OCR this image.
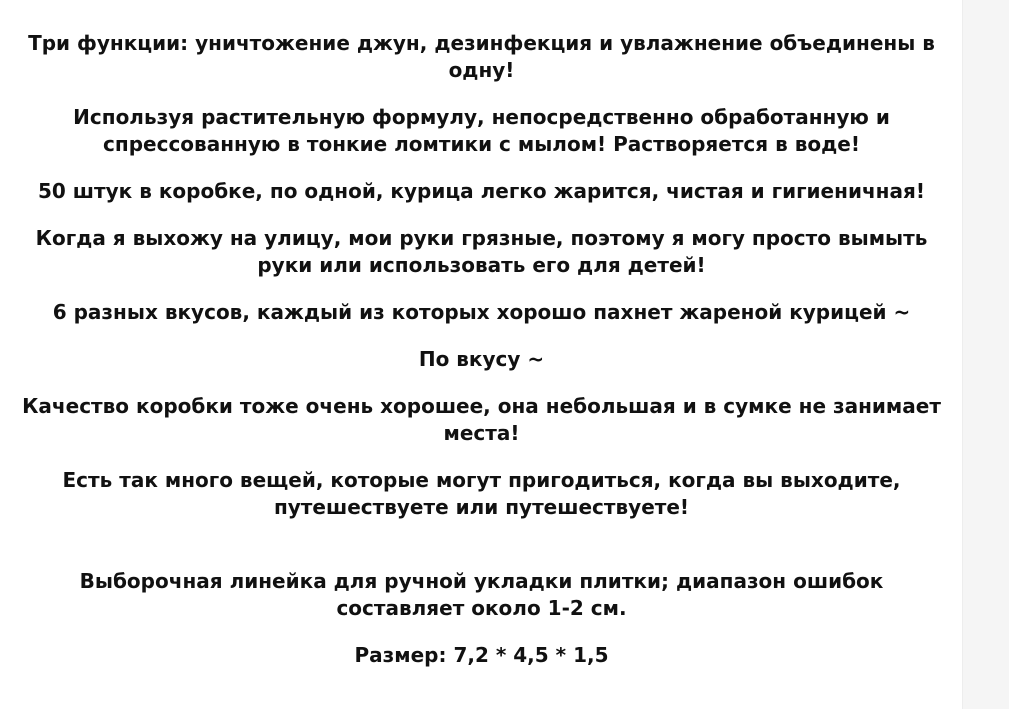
Три функции: уничтожение джун, дезинфекция и увлажнение объединены в одну!

Используя растительную формулу, непосредственно обработанную и спрессованную в тонкие ломтики с мылом! Растворяется в воде!

50 штук в коробке, по одной, курица легко жарится, чистая и гигиеничная!

Когда я выхожу на улицу, мои руки грязные, поэтому я могу просто вымыть руки или использовать его для детей!

6 разных вкусов, каждый из которых хорошо пахнет жареной курицей ~

По вкусу ~

Качество коробки тоже очень хорошее, она небольшая и в сумке не занимает места!

Есть так много вещей, которые могут пригодиться, когда вы выходите, путешествуете или путешествуете!

Выборочная линейка для ручной укладки плитки; диапазон ошибок составляет около 1-2 см.

Размер: 7,2 * 4,5 * 1,5
